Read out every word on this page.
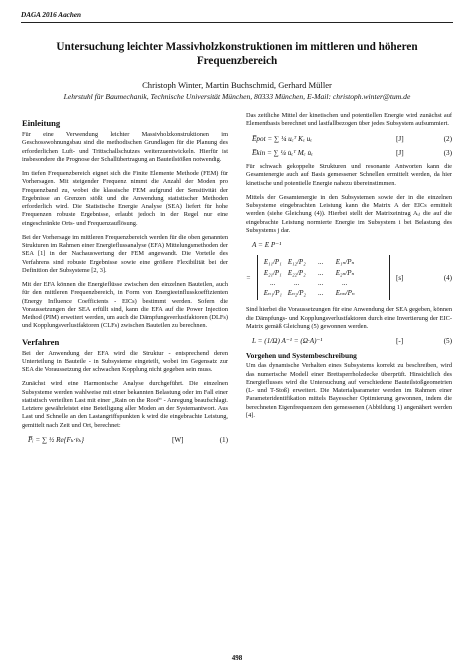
DAGA 2016 Aachen
Untersuchung leichter Massivholzkonstruktionen im mittleren und höheren Frequenzbereich
Christoph Winter, Martin Buchschmid, Gerhard Müller
Lehrstuhl für Baumechanik, Technische Universität München, 80333 München, E-Mail: christoph.winter@tum.de
Einleitung

Für eine Verwendung leichter Massivholzkonstruktionen im Geschosswohnungsbau sind die methodischen Grundlagen für die Planung des erforderlichen Luft- und Trittschallschutzes weiterzuentwickeln. Hierfür ist insbesondere die Prognose der Schallübertragung an Bauteilstößen notwendig.

Im tiefen Frequenzbereich eignet sich die Finite Elemente Methode (FEM) für Vorhersagen. Mit steigender Frequenz nimmt die Anzahl der Moden pro Frequenzband zu, wobei die klassische FEM aufgrund der Sensitivität der Ergebnisse an Grenzen stößt und die Anwendung statistischer Methoden erforderlich wird. Die Statistische Energie Analyse (SEA) liefert für hohe Frequenzen robuste Ergebnisse, erlaubt jedoch in der Regel nur eine eingeschränkte Orts- und Frequenzauflösung.

Bei der Vorhersage im mittleren Frequenzbereich werden für die oben genannten Strukturen im Rahmen einer Energieflussanalyse (EFA) Mittelungsmethoden der SEA [1] in der Nachauswertung der FEM angewandt. Die Vorteile des Verfahrens sind robuste Ergebnisse sowie eine größere Flexibilität bei der Definition der Subsysteme [2, 3].

Mit der EFA können die Energieflüsse zwischen den einzelnen Bauteilen, auch für den mittleren Frequenzbereich, in Form von Energieeinflusskoeffizienten (Energy Influence Coefficients - EICs) bestimmt werden. Sofern die Voraussetzungen der SEA erfüllt sind, kann die EFA auf die Power Injection Method (PIM) erweitert werden, um auch die Dämpfungsverlustfaktoren (DLFs) und Kopplungsverlustfaktoren (CLFs) zwischen Bauteilen zu berechnen.

Verfahren

Bei der Anwendung der EFA wird die Struktur - entsprechend deren Unterteilung in Bauteile - in Subsysteme eingeteilt, wobei im Gegensatz zur SEA die Voraussetzung der schwachen Kopplung nicht gegeben sein muss.

Zunächst wird eine Harmonische Analyse durchgeführt. Die einzelnen Subsysteme werden wahlweise mit einer bekannten Belastung oder im Fall einer statistisch verteilten Last mit einer „Rain on the Roof“ - Anregung beaufschlagt. Letztere gewährleistet eine Beteiligung aller Moden an der Systemantwort. Aus Last und Schnelle an den Lastangriffspunkten k wird die eingebrachte Leistung, gemittelt nach Zeit und Ort, berechnet:

P̅ᵢ = ∑ ½ Re{Fₖ·v̇ₖ}	[W]	(1)

Das zeitliche Mittel der kinetischen und potentiellen Energie wird zunächst auf Elementbasis berechnet und lastfallbezogen über jedes Subsystem aufsummiert.

E̅pot = ∑ ¼ uₑᵀ Kₑ uₑ	[J]	(2)
E̅kin = ∑ ¼ u̇ₑᵀ Mₑ u̇ₑ	[J]	(3)

Für schwach gekoppelte Strukturen und resonante Antworten kann die Gesamtenergie auch auf Basis gemessener Schnellen ermittelt werden, da hier kinetische und potentielle Energie nahezu übereinstimmen.

Mittels der Gesamtenergie in den Subsystemen sowie der in die einzelnen Subsysteme eingebrachten Leistung kann die Matrix A der EICs ermittelt werden (siehe Gleichung (4)). Hierbei stellt der Matrixeintrag Aᵢⱼ die auf die eingebrachte Leistung normierte Energie im Subsystem i bei Belastung des Subsystems j dar.

A = E P⁻¹
=
E₁₁/P₁ E₁₂/P₂	...	E₁ₙ/Pₙ
E₂₁/P₁ E₂₂/P₂	...	E₂ₙ/Pₙ
...	...	...	...
Eₙ₁/P₁ Eₙ₂/P₂	...	Eₙₙ/Pₙ
[s]	(4)

Sind hierbei die Voraussetzungen für eine Anwendung der SEA gegeben, können die Dämpfungs- und Kopplungsverlustfaktoren durch eine Invertierung der EIC-Matrix gemäß Gleichung (5) gewonnen werden.

L = (1/Ω) A⁻¹ = (Ω·A)⁻¹	[-]	(5)
Vorgehen und Systembeschreibung

Um das dynamische Verhalten eines Subsystems korrekt zu beschreiben, wird das numerische Modell einer Brettsperrholzdecke überprüft. Hinsichtlich des Energieflusses wird die Untersuchung auf verschiedene Bauteilstoßgeometrien (L- und T-Stoß) erweitert. Die Materialparameter werden im Rahmen einer Parameteridentifikation mittels Bayesscher Optimierung gewonnen, indem die berechneten Eigenfrequenzen den gemessenen (Abbildung 1) angenähert werden [4].

498
